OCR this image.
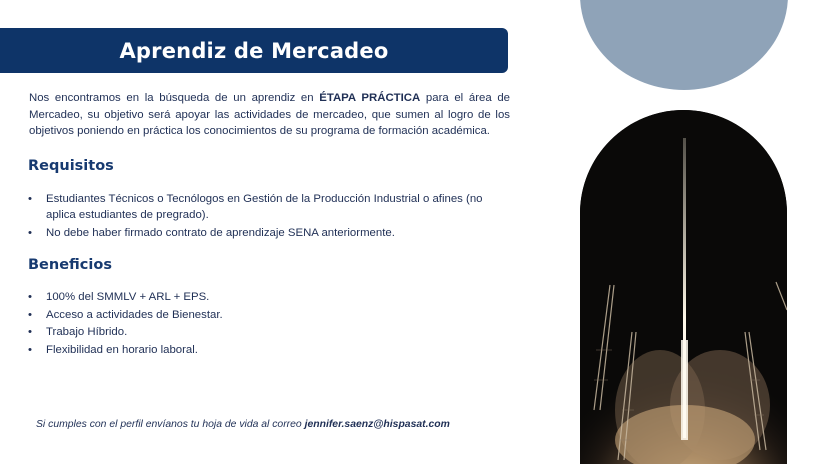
Aprendiz de Mercadeo

Nos encontramos en la búsqueda de un aprendiz en ÉTAPA PRÁCTICA para el área de Mercadeo, su objetivo será apoyar las actividades de mercadeo, que sumen al logro de los objetivos poniendo en práctica los conocimientos de su programa de formación académica.

Requisitos
• Estudiantes Técnicos o Tecnólogos en Gestión de la Producción Industrial o afines (no aplica estudiantes de pregrado).
• No debe haber firmado contrato de aprendizaje SENA anteriormente.
Beneficios
• 100% del SMMLV + ARL + EPS.
• Acceso a actividades de Bienestar.
• Trabajo Híbrido.
• Flexibilidad en horario laboral.

Si cumples con el perfil envíanos tu hoja de vida al correo jennifer.saenz@hispasat.com
